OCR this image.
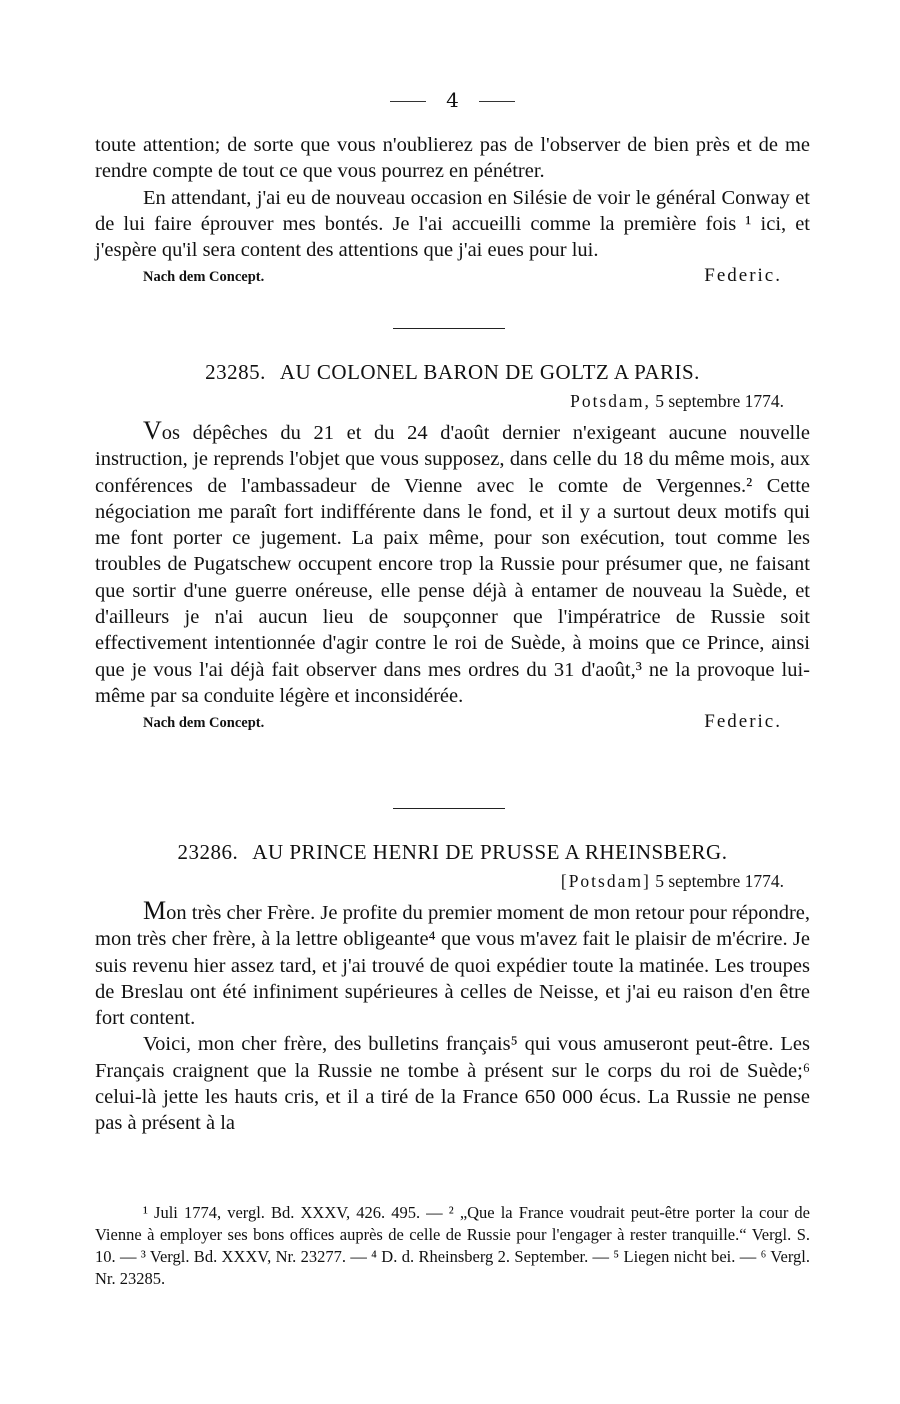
4

toute attention; de sorte que vous n'oublierez pas de l'observer de bien près et de me rendre compte de tout ce que vous pourrez en pénétrer.

En attendant, j'ai eu de nouveau occasion en Silésie de voir le général Conway et de lui faire éprouver mes bontés. Je l'ai accueilli comme la première fois ¹ ici, et j'espère qu'il sera content des attentions que j'ai eues pour lui.

Nach dem Concept.	Federic.
23285. AU COLONEL BARON DE GOLTZ A PARIS.
Potsdam, 5 septembre 1774.

Vos dépêches du 21 et du 24 d'août dernier n'exigeant aucune nouvelle instruction, je reprends l'objet que vous supposez, dans celle du 18 du même mois, aux conférences de l'ambassadeur de Vienne avec le comte de Vergennes.² Cette négociation me paraît fort indifférente dans le fond, et il y a surtout deux motifs qui me font porter ce jugement. La paix même, pour son exécution, tout comme les troubles de Pugatschew occupent encore trop la Russie pour présumer que, ne faisant que sortir d'une guerre onéreuse, elle pense déjà à entamer de nouveau la Suède, et d'ailleurs je n'ai aucun lieu de soupçonner que l'impératrice de Russie soit effectivement intentionnée d'agir contre le roi de Suède, à moins que ce Prince, ainsi que je vous l'ai déjà fait observer dans mes ordres du 31 d'août,³ ne la provoque lui-même par sa conduite légère et inconsidérée.

Nach dem Concept.	Federic.
23286. AU PRINCE HENRI DE PRUSSE A RHEINSBERG.
[Potsdam] 5 septembre 1774.

Mon très cher Frère. Je profite du premier moment de mon retour pour répondre, mon très cher frère, à la lettre obligeante⁴ que vous m'avez fait le plaisir de m'écrire. Je suis revenu hier assez tard, et j'ai trouvé de quoi expédier toute la matinée. Les troupes de Breslau ont été infiniment supérieures à celles de Neisse, et j'ai eu raison d'en être fort content.

Voici, mon cher frère, des bulletins français⁵ qui vous amuseront peut-être. Les Français craignent que la Russie ne tombe à présent sur le corps du roi de Suède;⁶ celui-là jette les hauts cris, et il a tiré de la France 650 000 écus. La Russie ne pense pas à présent à la

¹ Juli 1774, vergl. Bd. XXXV, 426. 495. — ² „Que la France voudrait peut-être porter la cour de Vienne à employer ses bons offices auprès de celle de Russie pour l'engager à rester tranquille.“ Vergl. S. 10. — ³ Vergl. Bd. XXXV, Nr. 23277. — ⁴ D. d. Rheinsberg 2. September. — ⁵ Liegen nicht bei. — ⁶ Vergl. Nr. 23285.
